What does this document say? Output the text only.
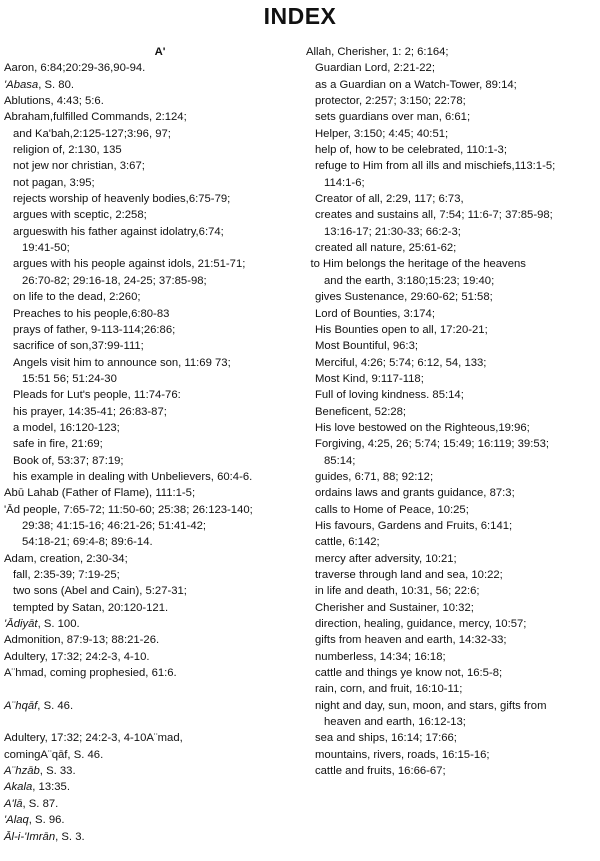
INDEX
A'
Aaron, 6:84;20:29-36,90-94.
'Abasa, S. 80.
Ablutions, 4:43; 5:6.
Abraham,fulfilled Commands, 2:124;
and Ka'bah,2:125-127;3:96, 97;
religion of, 2:130, 135
not jew nor christian, 3:67;
not pagan, 3:95;
rejects worship of heavenly bodies,6:75-79;
argues with sceptic, 2:258;
argueswith his father against idolatry,6:74;
19:41-50;
argues with his people against idols, 21:51-71;
26:70-82; 29:16-18, 24-25; 37:85-98;
on life to the dead, 2:260;
Preaches to his people,6:80-83
prays of father, 9-113-114;26:86;
sacrifice of son,37:99-111;
Angels visit him to announce son, 11:69 73;
15:51 56; 51:24-30
Pleads for Lut's people, 11:74-76:
his prayer, 14:35-41; 26:83-87;
a model, 16:120-123;
safe in fire, 21:69;
Book of, 53:37; 87:19;
his example in dealing with Unbelievers, 60:4-6.
Abū Lahab (Father of Flame), 111:1-5;
'Ād people, 7:65-72; 11:50-60; 25:38; 26:123-140;
29:38; 41:15-16; 46:21-26; 51:41-42;
54:18-21; 69:4-8; 89:6-14.
Adam, creation, 2:30-34;
fall, 2:35-39; 7:19-25;
two sons (Abel and Cain), 5:27-31;
tempted by Satan, 20:120-121.
'Ādiyāt, S. 100.
Admonition, 87:9-13; 88:21-26.
Adultery, 17:32; 24:2-3, 4-10.
A¨hmad, coming prophesied, 61:6.
A¨hqāf, S. 46.
Adultery, 17:32; 24:2-3, 4-10A¨mad,
comingA¨qāf, S. 46.
A¨hzāb, S. 33.
Akala, 13:35.
A'lā, S. 87.
'Alaq, S. 96.
Āl-i-'Imrān, S. 3.
Allah, Cherisher, 1: 2; 6:164;
Guardian Lord, 2:21-22;
as a Guardian on a Watch-Tower, 89:14;
protector, 2:257; 3:150; 22:78;
sets guardians over man, 6:61;
Helper, 3:150; 4:45; 40:51;
help of, how to be celebrated, 110:1-3;
refuge to Him from all ills and mischiefs,113:1-5;
114:1-6;
Creator of all, 2:29, 117; 6:73,
creates and sustains all, 7:54; 11:6-7; 37:85-98;
13:16-17; 21:30-33; 66:2-3;
created all nature, 25:61-62;
to Him belongs the heritage of the heavens
and the earth, 3:180;15:23; 19:40;
gives Sustenance, 29:60-62; 51:58;
Lord of Bounties, 3:174;
His Bounties open to all, 17:20-21;
Most Bountiful, 96:3;
Merciful, 4:26; 5:74; 6:12, 54, 133;
Most Kind, 9:117-118;
Full of loving kindness. 85:14;
Beneficent, 52:28;
His love bestowed on the Righteous,19:96;
Forgiving, 4:25, 26; 5:74; 15:49; 16:119; 39:53;
85:14;
guides, 6:71, 88; 92:12;
ordains laws and grants guidance, 87:3;
calls to Home of Peace, 10:25;
His favours, Gardens and Fruits, 6:141;
cattle, 6:142;
mercy after adversity, 10:21;
traverse through land and sea, 10:22;
in life and death, 10:31, 56; 22:6;
Cherisher and Sustainer, 10:32;
direction, healing, guidance, mercy, 10:57;
gifts from heaven and earth, 14:32-33;
numberless, 14:34; 16:18;
cattle and things ye know not, 16:5-8;
rain, corn, and fruit, 16:10-11;
night and day, sun, moon, and stars, gifts from
heaven and earth, 16:12-13;
sea and ships, 16:14; 17:66;
mountains, rivers, roads, 16:15-16;
cattle and fruits, 16:66-67;
